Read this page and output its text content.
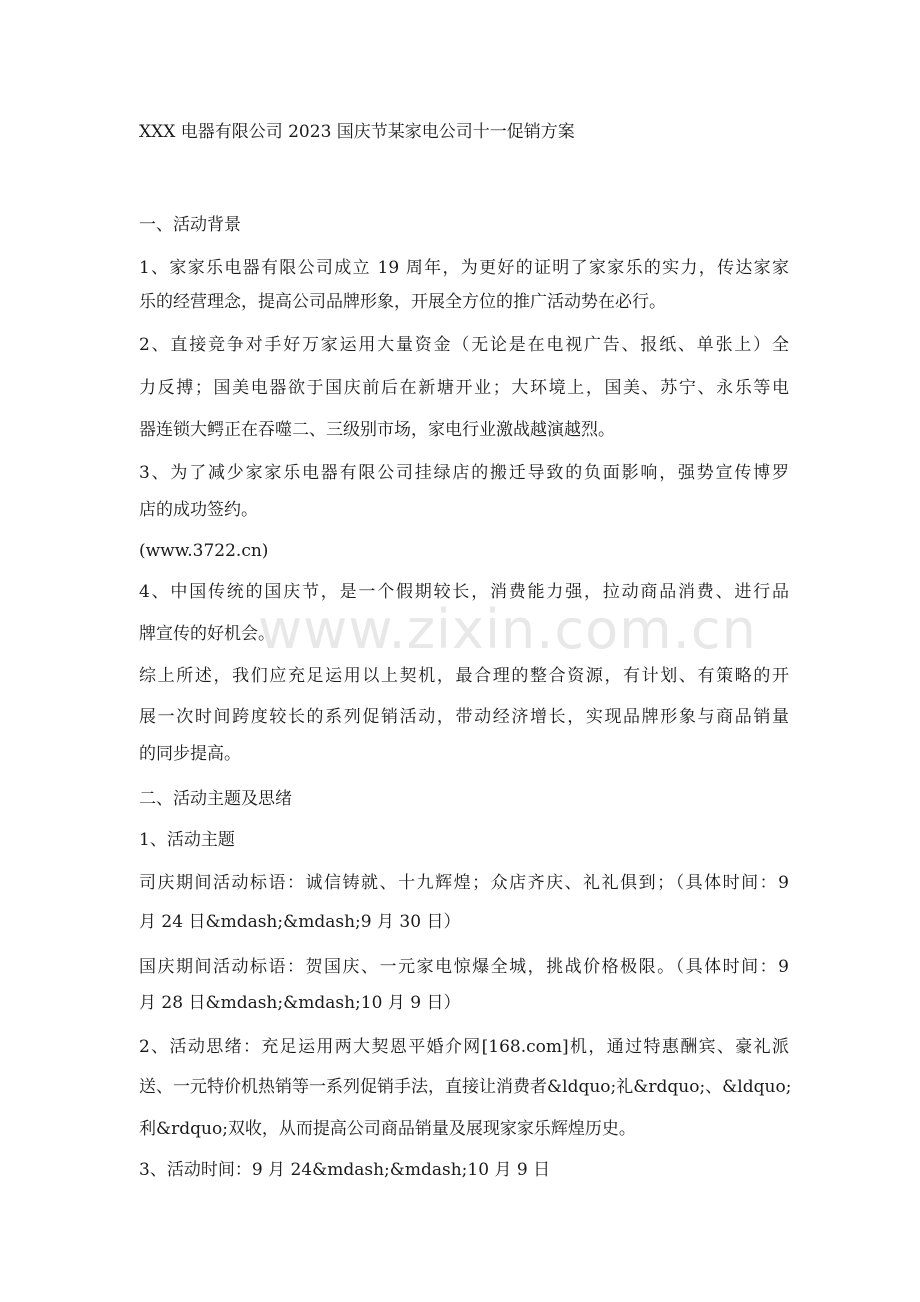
XXX 电器有限公司 2023 国庆节某家电公司十一促销方案
一、活动背景
1、家家乐电器有限公司成立 19 周年，为更好的证明了家家乐的实力，传达家家
乐的经营理念，提高公司品牌形象，开展全方位的推广活动势在必行。
2、直接竞争对手好万家运用大量资金（无论是在电视广告、报纸、单张上）全
力反搏；国美电器欲于国庆前后在新塘开业；大环境上，国美、苏宁、永乐等电
器连锁大鳄正在吞噬二、三级别市场，家电行业激战越演越烈。
3、为了减少家家乐电器有限公司挂绿店的搬迁导致的负面影响，强势宣传博罗
店的成功签约。
(www.3722.cn)
4、中国传统的国庆节，是一个假期较长，消费能力强，拉动商品消费、进行品
牌宣传的好机会。
综上所述，我们应充足运用以上契机，最合理的整合资源，有计划、有策略的开
展一次时间跨度较长的系列促销活动，带动经济增长，实现品牌形象与商品销量
的同步提高。
二、活动主题及思绪
1、活动主题
司庆期间活动标语：诚信铸就、十九辉煌；众店齐庆、礼礼俱到；（具体时间：9
月 24 日&mdash;&mdash;9 月 30 日）
国庆期间活动标语：贺国庆、一元家电惊爆全城，挑战价格极限。（具体时间：9
月 28 日&mdash;&mdash;10 月 9 日）
2、活动思绪：充足运用两大契恩平婚介网[168.com]机，通过特惠酬宾、豪礼派
送、一元特价机热销等一系列促销手法，直接让消费者&ldquo;礼&rdquo;、&ldquo;
利&rdquo;双收，从而提高公司商品销量及展现家家乐辉煌历史。
3、活动时间：9 月 24&mdash;&mdash;10 月 9 日
www.zixin.com.cn
